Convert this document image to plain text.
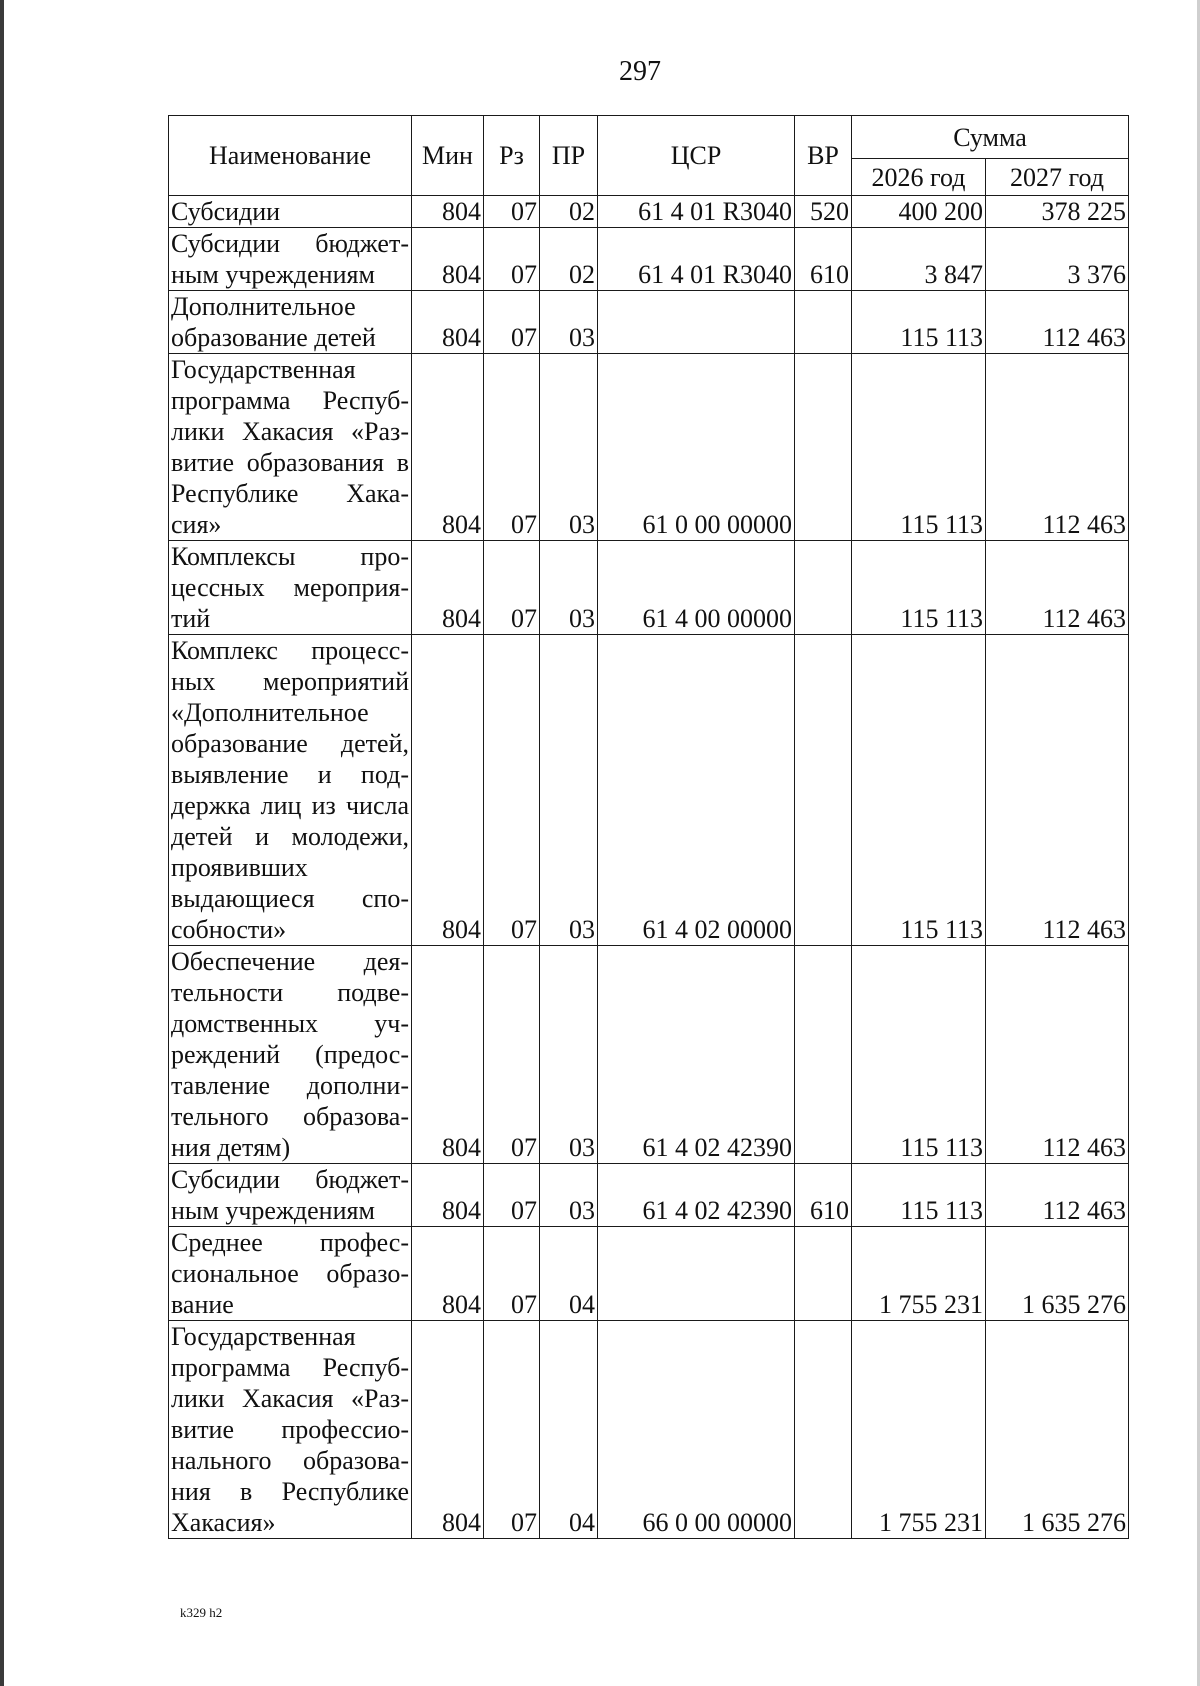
297
Наименование	Мин	Рз	ПР	ЦСР	ВР	Сумма	
						2026 год	2027 год
Субсидии	804	07	02	61 4 01 R3040	520	400 200	378 225
Субсидии бюджетным учреждениям	804	07	02	61 4 01 R3040	610	3 847	3 376
Дополнительное образование детей	804	07	03			115 113	112 463
Государственная программа Республики Хакасия «Развитие образования в Республике Хакасия»	804	07	03	61 0 00 00000		115 113	112 463
Комплексы процессных мероприятий	804	07	03	61 4 00 00000		115 113	112 463
Комплекс процессных мероприятий «Дополнительное образование детей, выявление и поддержка лиц из числа детей и молодежи, проявивших выдающиеся способности»	804	07	03	61 4 02 00000		115 113	112 463
Обеспечение деятельности подведомственных учреждений (предоставление дополнительного образования детям)	804	07	03	61 4 02 42390		115 113	112 463
Субсидии бюджетным учреждениям	804	07	03	61 4 02 42390	610	115 113	112 463
Среднее профессиональное образование	804	07	04			1 755 231	1 635 276
Государственная программа Республики Хакасия «Развитие профессионального образования в Республике Хакасия»	804	07	04	66 0 00 00000		1 755 231	1 635 276
k329 h2
